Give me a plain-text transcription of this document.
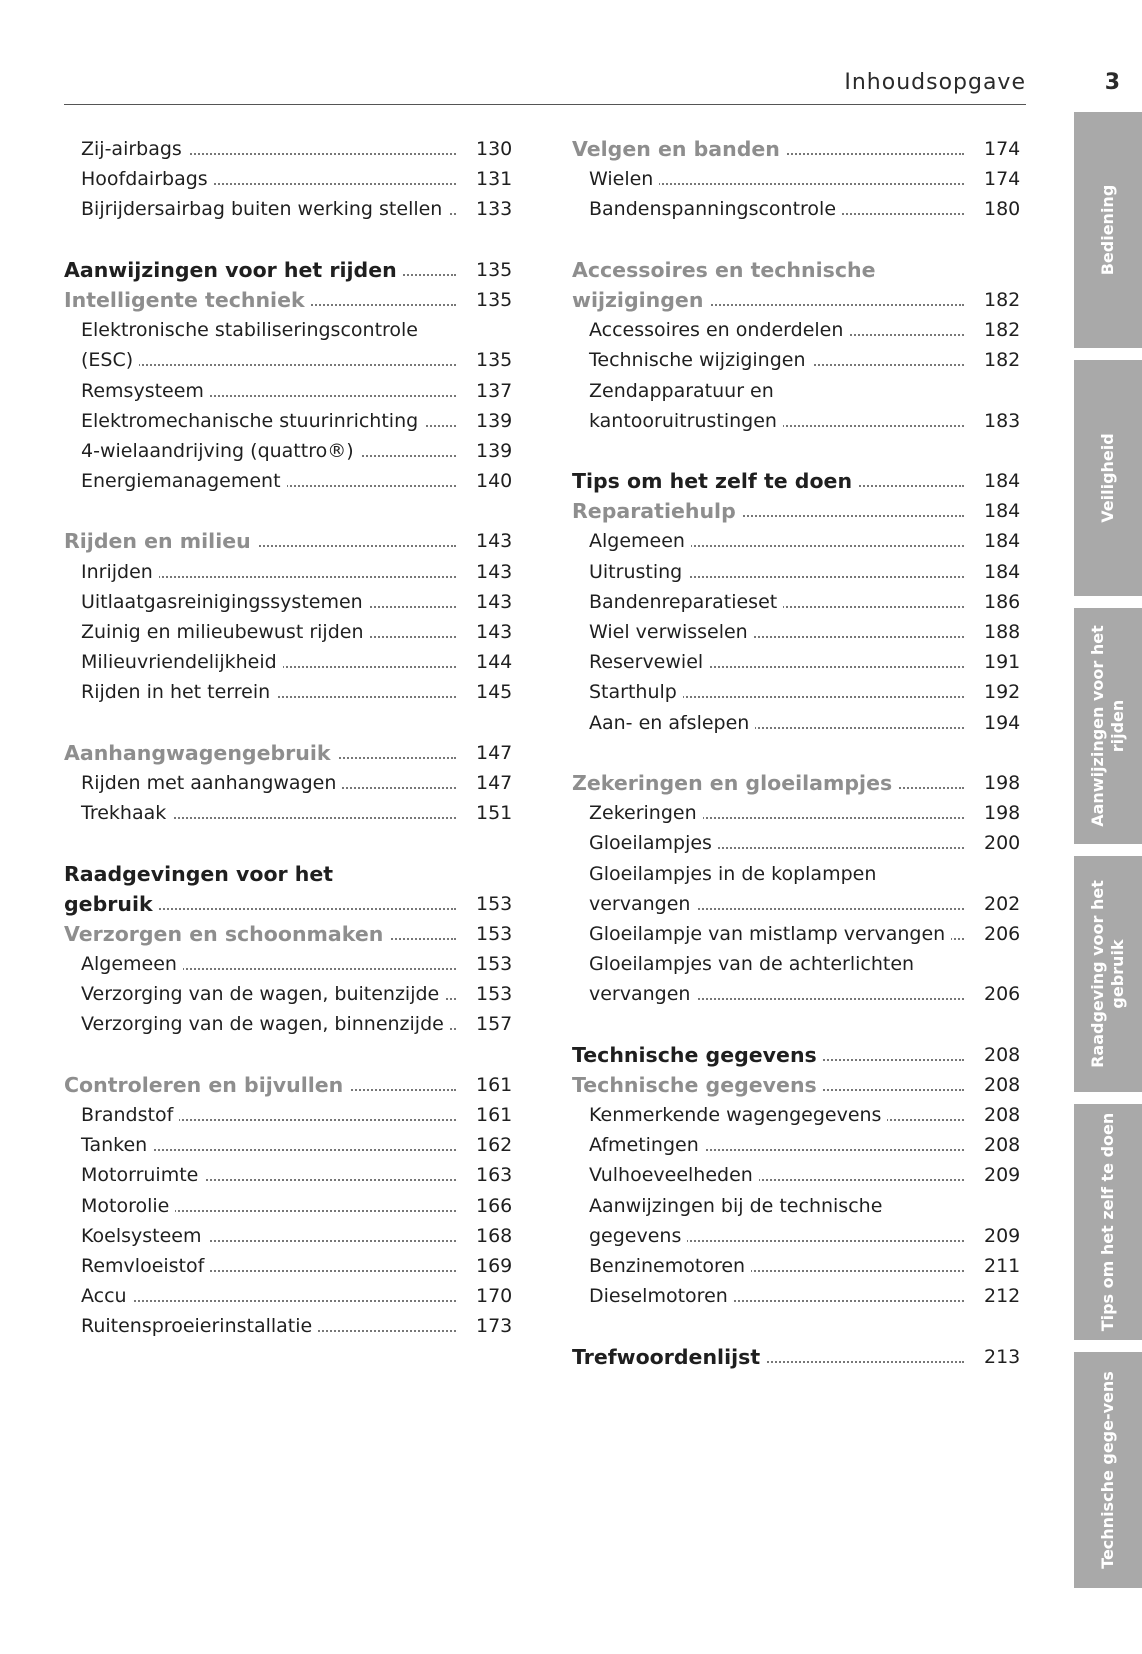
Inhoudsopgave	3
Zij-airbags	130
Hoofdairbags	131
Bijrijdersairbag buiten werking stellen	133
Aanwijzingen voor het rijden	135
Intelligente techniek	135
Elektronische stabiliseringscontrole
(ESC)	135
Remsysteem	137
Elektromechanische stuurinrichting	139
4-wielaandrijving (quattro®)	139
Energiemanagement	140
Rijden en milieu	143
Inrijden	143
Uitlaatgasreinigingssystemen	143
Zuinig en milieubewust rijden	143
Milieuvriendelijkheid	144
Rijden in het terrein	145
Aanhangwagengebruik	147
Rijden met aanhangwagen	147
Trekhaak	151
Raadgevingen voor het
gebruik	153
Verzorgen en schoonmaken	153
Algemeen	153
Verzorging van de wagen, buitenzijde	153
Verzorging van de wagen, binnenzijde	157
Controleren en bijvullen	161
Brandstof	161
Tanken	162
Motorruimte	163
Motorolie	166
Koelsysteem	168
Remvloeistof	169
Accu	170
Ruitensproeierinstallatie	173
Velgen en banden	174
Wielen	174
Bandenspanningscontrole	180
Accessoires en technische
wijzigingen	182
Accessoires en onderdelen	182
Technische wijzigingen	182
Zendapparatuur en
kantooruitrustingen	183
Tips om het zelf te doen	184
Reparatiehulp	184
Algemeen	184
Uitrusting	184
Bandenreparatieset	186
Wiel verwisselen	188
Reservewiel	191
Starthulp	192
Aan- en afslepen	194
Zekeringen en gloeilampjes	198
Zekeringen	198
Gloeilampjes	200
Gloeilampjes in de koplampen
vervangen	202
Gloeilampje van mistlamp vervangen	206
Gloeilampjes van de achterlichten
vervangen	206
Technische gegevens	208
Technische gegevens	208
Kenmerkende wagengegevens	208
Afmetingen	208
Vulhoeveelheden	209
Aanwijzingen bij de technische
gegevens	209
Benzinemotoren	211
Dieselmotoren	212
Trefwoordenlijst	213
Bediening
Veiligheid
Aanwijzingen voor het rijden
Raadgeving voor het gebruik
Tips om het zelf te doen
Technische gege-vens
